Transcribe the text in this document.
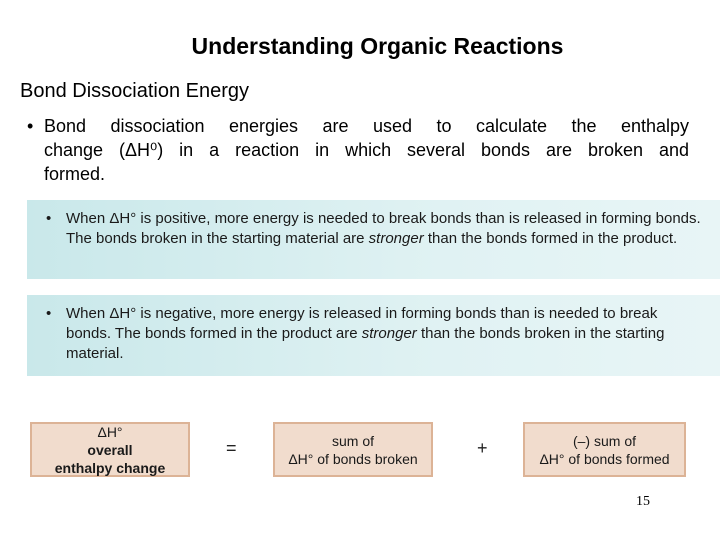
Understanding Organic Reactions
Bond Dissociation Energy
• Bond dissociation energies are used to calculate the enthalpy
change (ΔH⁰) in a reaction in which several bonds are broken and
formed.
• When ΔH° is positive, more energy is needed to break bonds than is released in forming bonds. The bonds broken in the starting material are stronger than the bonds formed in the product.
• When ΔH° is negative, more energy is released in forming bonds than is needed to break bonds. The bonds formed in the product are stronger than the bonds broken in the starting material.
ΔH°
overall
enthalpy change
=	sum of
ΔH° of bonds broken
+	(–) sum of
ΔH° of bonds formed
15
